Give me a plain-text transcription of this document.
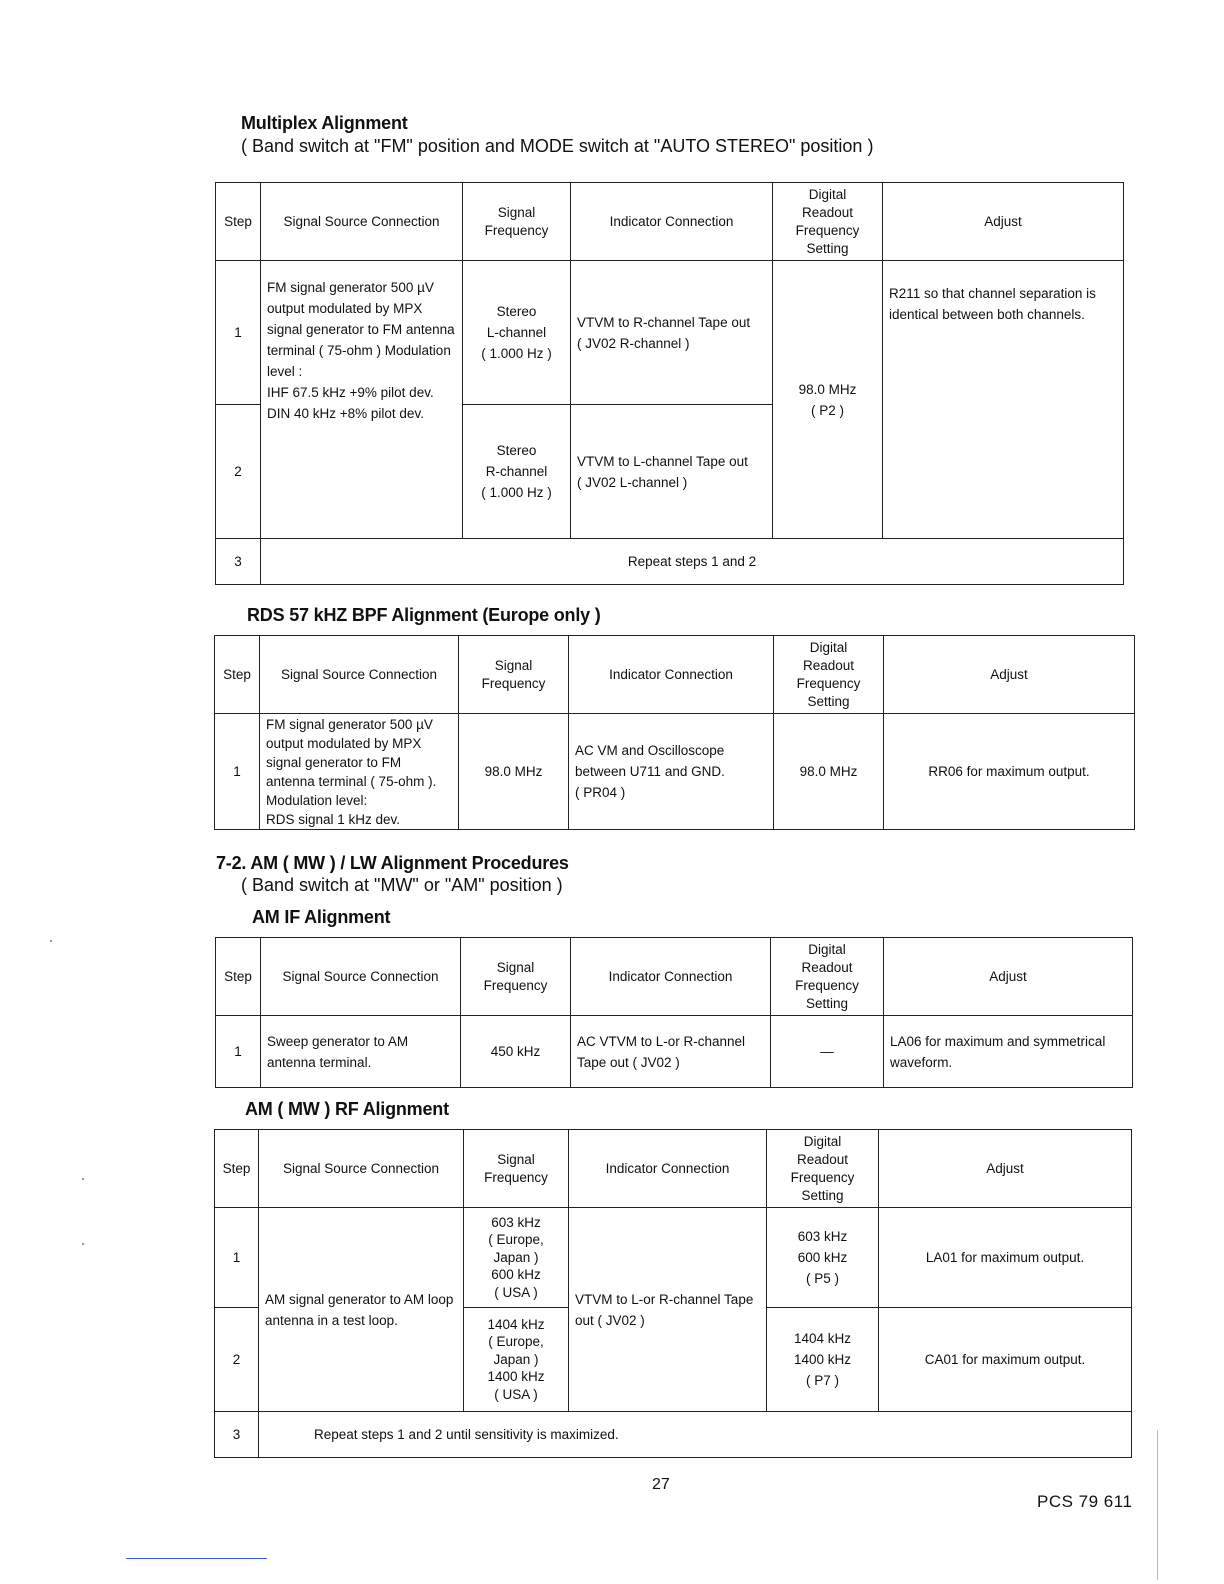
Multiplex Alignment
( Band switch at "FM" position and MODE switch at "AUTO STEREO" position )
Step	Signal Source Connection	Signal
Frequency	Indicator Connection	Digital
Readout
Frequency
Setting	Adjust
1	FM signal generator 500 µV output modulated by MPX signal generator to FM antenna terminal ( 75-ohm ) Modulation level :
IHF 67.5 kHz +9% pilot dev.
DIN 40 kHz +8% pilot dev.	Stereo
L-channel
( 1.000 Hz )	VTVM to R-channel Tape out
( JV02 R-channel )	98.0 MHz
( P2 )	R211 so that channel separation is identical between both channels.
2		Stereo
R-channel
( 1.000 Hz )	VTVM to L-channel Tape out
( JV02 L-channel )		
3	Repeat steps 1 and 2				
RDS 57 kHZ BPF Alignment (Europe only )
Step	Signal Source Connection	Signal
Frequency	Indicator Connection	Digital
Readout
Frequency
Setting	Adjust
1	FM signal generator 500 µV output modulated by MPX signal generator to FM antenna terminal ( 75-ohm ).
Modulation level:
RDS signal 1 kHz dev.	98.0 MHz	AC VM and Oscilloscope
between U711 and GND.
( PR04 )	98.0 MHz	RR06 for maximum output.
7-2. AM ( MW ) / LW Alignment Procedures
( Band switch at "MW" or "AM" position )
AM IF Alignment
Step	Signal Source Connection	Signal
Frequency	Indicator Connection	Digital
Readout
Frequency
Setting	Adjust
1	Sweep generator to AM antenna terminal.	450 kHz	AC VTVM to L-or R-channel Tape out ( JV02 )	—	LA06 for maximum and symmetrical waveform.
AM ( MW ) RF Alignment
Step	Signal Source Connection	Signal
Frequency	Indicator Connection	Digital
Readout
Frequency
Setting	Adjust
1	AM signal generator to AM loop antenna in a test loop.	603 kHz
( Europe,
Japan )
600 kHz
( USA )	VTVM to L-or R-channel Tape out ( JV02 )	603 kHz
600 kHz
( P5 )	LA01 for maximum output.
2		1404 kHz
( Europe,
Japan )
1400 kHz
( USA )		1404 kHz
1400 kHz
( P7 )	CA01 for maximum output.
3	Repeat steps 1 and 2 until sensitivity is maximized.				
27
PCS 79 611
